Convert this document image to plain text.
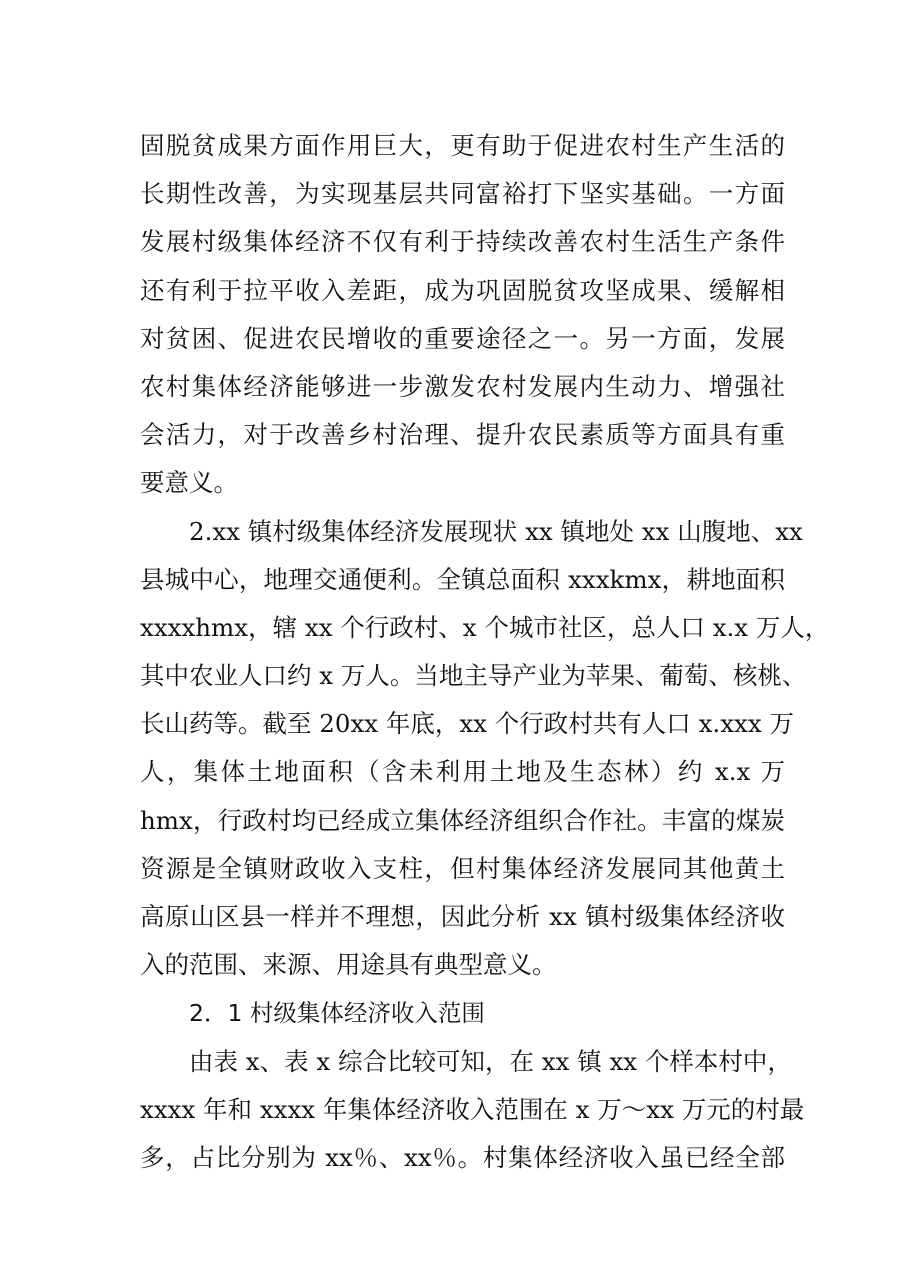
固脱贫成果方面作用巨大，更有助于促进农村生产生活的
长期性改善，为实现基层共同富裕打下坚实基础。一方面
发展村级集体经济不仅有利于持续改善农村生活生产条件
还有利于拉平收入差距，成为巩固脱贫攻坚成果、缓解相
对贫困、促进农民增收的重要途径之一。另一方面，发展
农村集体经济能够进一步激发农村发展内生动力、增强社
会活力，对于改善乡村治理、提升农民素质等方面具有重
要意义。
2.xx 镇村级集体经济发展现状 xx 镇地处 xx 山腹地、xx
县城中心，地理交通便利。全镇总面积 xxxkmx，耕地面积
xxxxhmx，辖 xx 个行政村、x 个城市社区，总人口 x.x 万人，
其中农业人口约 x 万人。当地主导产业为苹果、葡萄、核桃、
长山药等。截至 20xx 年底，xx 个行政村共有人口 x.xxx 万
人，集体土地面积（含未利用土地及生态林）约 x.x 万
hmx，行政村均已经成立集体经济组织合作社。丰富的煤炭
资源是全镇财政收入支柱，但村集体经济发展同其他黄土
高原山区县一样并不理想，因此分析 xx 镇村级集体经济收
入的范围、来源、用途具有典型意义。
2．1 村级集体经济收入范围
由表 x、表 x 综合比较可知，在 xx 镇 xx 个样本村中，
xxxx 年和 xxxx 年集体经济收入范围在 x 万～xx 万元的村最
多，占比分别为 xx％、xx％。村集体经济收入虽已经全部
